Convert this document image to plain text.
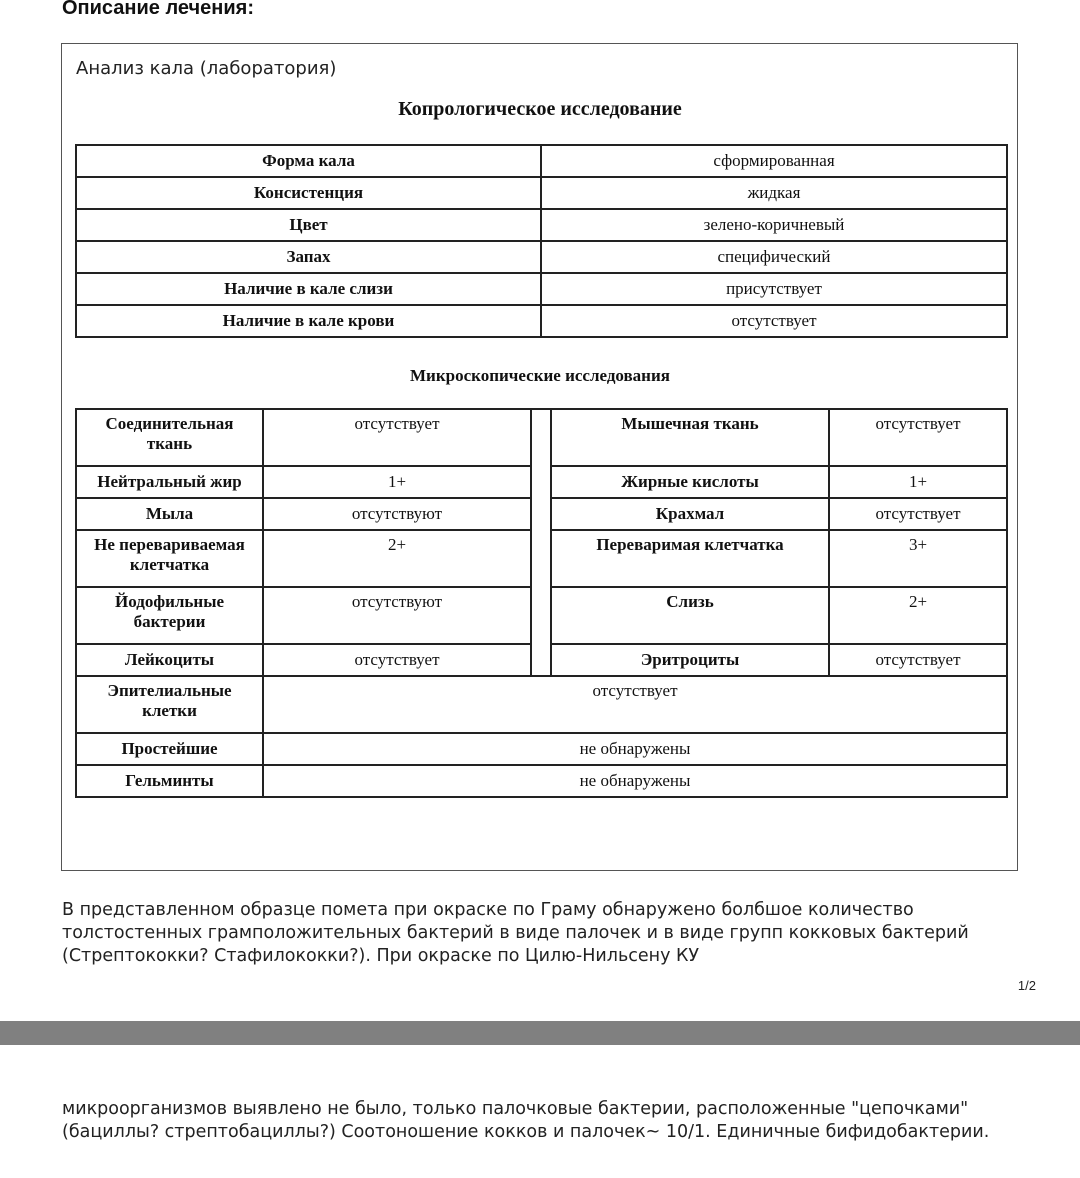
Описание лечения:
Анализ кала (лаборатория)
Копрологическое исследование
Форма кала	сформированная
Консистенция	жидкая
Цвет	зелено-коричневый
Запах	специфический
Наличие в кале слизи	присутствует
Наличие в кале крови	отсутствует
Микроскопические исследования
Соединительная ткань	отсутствует		Мышечная ткань	отсутствует
Нейтральный жир	1+		Жирные кислоты	1+
Мыла	отсутствуют		Крахмал	отсутствует
Не перевариваемая клетчатка	2+		Переваримая клетчатка	3+
Йодофильные бактерии	отсутствуют		Слизь	2+
Лейкоциты	отсутствует		Эритроциты	отсутствует
Эпителиальные клетки	отсутствует			
Простейшие	не обнаружены			
Гельминты	не обнаружены			
В представленном образце помета при окраске по Граму обнаружено болбшое количество толстостенных грамположительных бактерий в виде палочек и в виде групп кокковых бактерий (Стрептококки? Стафилококки?). При окраске по Цилю-Нильсену КУ
1/2
микроорганизмов выявлено не было, только палочковые бактерии, расположенные "цепочками" (бациллы? стрептобациллы?) Соотоношение кокков и палочек~ 10/1. Единичные бифидобактерии.
